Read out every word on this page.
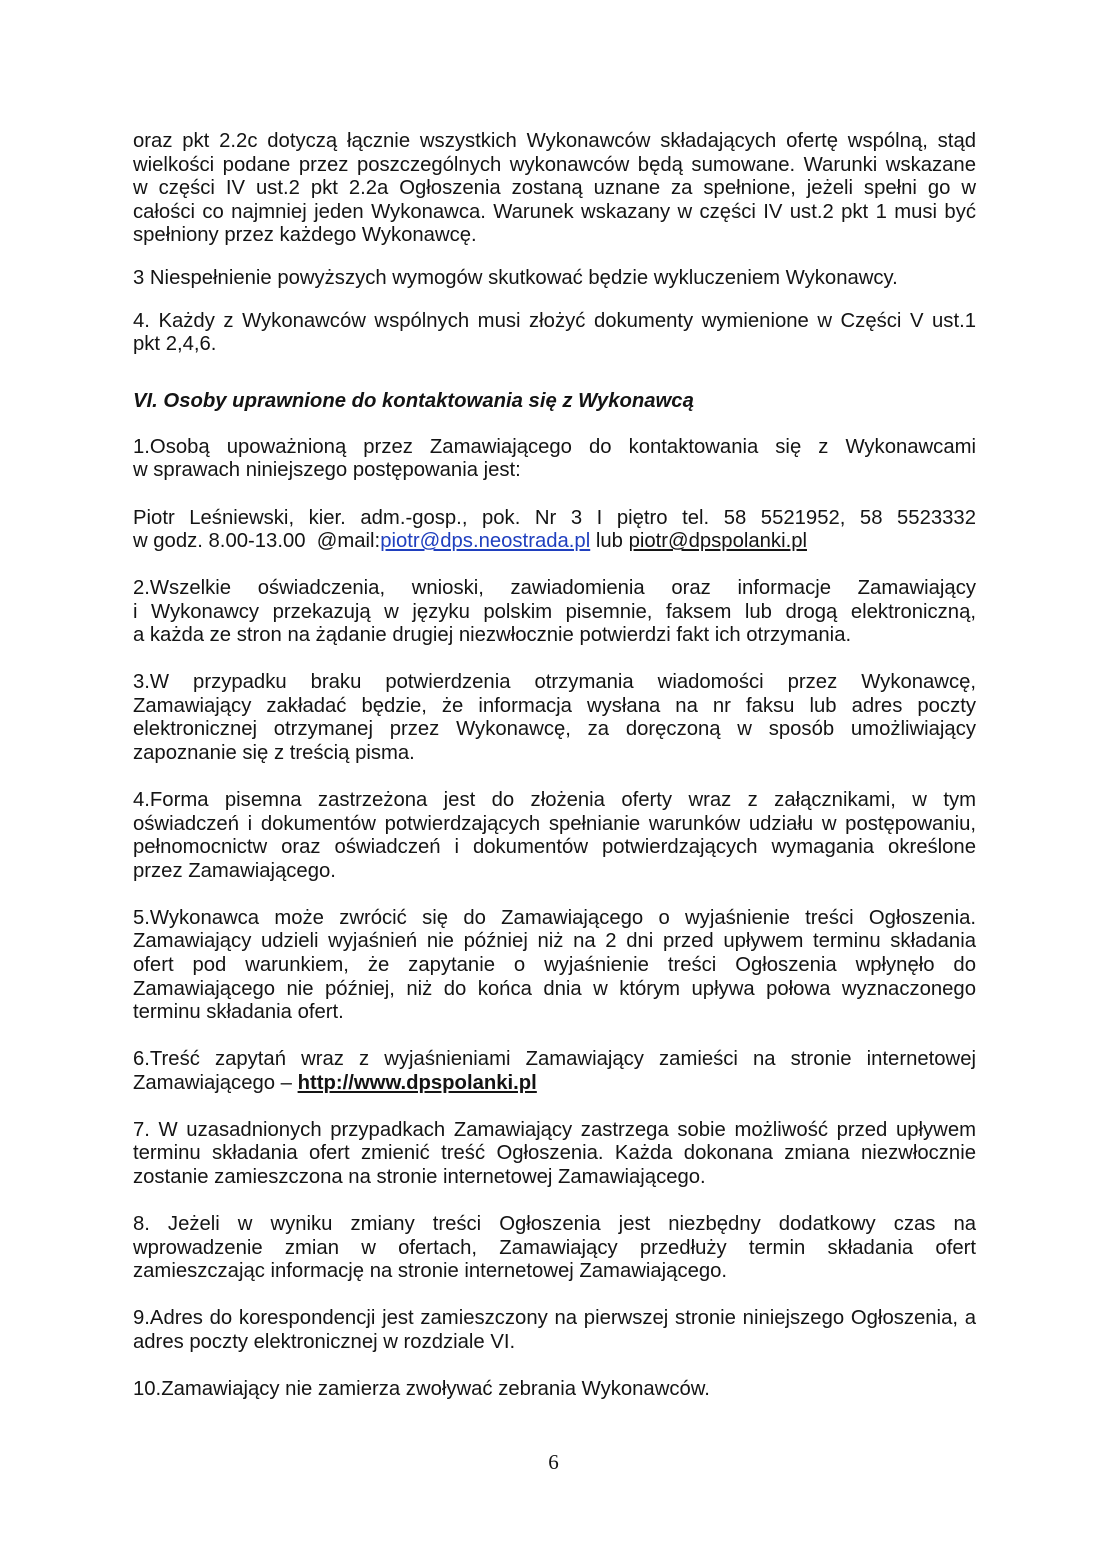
oraz pkt 2.2c dotyczą łącznie wszystkich Wykonawców składających ofertę wspólną, stąd
wielkości podane przez poszczególnych wykonawców będą sumowane. Warunki wskazane
w części IV ust.2 pkt 2.2a Ogłoszenia zostaną uznane za spełnione, jeżeli spełni go w
całości co najmniej jeden Wykonawca. Warunek wskazany w części IV ust.2 pkt 1 musi być
spełniony przez każdego Wykonawcę.
3 Niespełnienie powyższych wymogów skutkować będzie wykluczeniem Wykonawcy.
4. Każdy z Wykonawców wspólnych musi złożyć dokumenty wymienione w Części V ust.1
pkt 2,4,6.
VI. Osoby uprawnione do kontaktowania się z Wykonawcą
1.Osobą upoważnioną przez Zamawiającego do kontaktowania się z Wykonawcami
w sprawach niniejszego postępowania jest:
Piotr Leśniewski, kier. adm.-gosp., pok. Nr 3 I piętro tel. 58 5521952, 58 5523332
w godz. 8.00-13.00  @mail:piotr@dps.neostrada.pl lub piotr@dpspolanki.pl
2.Wszelkie oświadczenia, wnioski, zawiadomienia oraz informacje Zamawiający
i Wykonawcy przekazują w języku polskim pisemnie, faksem lub drogą elektroniczną,
a każda ze stron na żądanie drugiej niezwłocznie potwierdzi fakt ich otrzymania.
3.W przypadku braku potwierdzenia otrzymania wiadomości przez Wykonawcę,
Zamawiający zakładać będzie, że informacja wysłana na nr faksu lub adres poczty
elektronicznej otrzymanej przez Wykonawcę, za doręczoną w sposób umożliwiający
zapoznanie się z treścią pisma.
4.Forma pisemna zastrzeżona jest do złożenia oferty wraz z załącznikami, w tym
oświadczeń i dokumentów potwierdzających spełnianie warunków udziału w postępowaniu,
pełnomocnictw oraz oświadczeń i dokumentów potwierdzających wymagania określone
przez Zamawiającego.
5.Wykonawca może zwrócić się do Zamawiającego o wyjaśnienie treści Ogłoszenia.
Zamawiający udzieli wyjaśnień nie później niż na 2 dni przed upływem terminu składania
ofert pod warunkiem, że zapytanie o wyjaśnienie treści Ogłoszenia wpłynęło do
Zamawiającego nie później, niż do końca dnia w którym upływa połowa wyznaczonego
terminu składania ofert.
6.Treść zapytań wraz z wyjaśnieniami Zamawiający zamieści na stronie internetowej
Zamawiającego – http://www.dpspolanki.pl
7. W uzasadnionych przypadkach Zamawiający zastrzega sobie możliwość przed upływem
terminu składania ofert zmienić treść Ogłoszenia. Każda dokonana zmiana niezwłocznie
zostanie zamieszczona na stronie internetowej Zamawiającego.
8. Jeżeli w wyniku zmiany treści Ogłoszenia jest niezbędny dodatkowy czas na
wprowadzenie zmian w ofertach, Zamawiający przedłuży termin składania ofert
zamieszczając informację na stronie internetowej Zamawiającego.
9.Adres do korespondencji jest zamieszczony na pierwszej stronie niniejszego Ogłoszenia, a
adres poczty elektronicznej w rozdziale VI.
10.Zamawiający nie zamierza zwoływać zebrania Wykonawców.
6
